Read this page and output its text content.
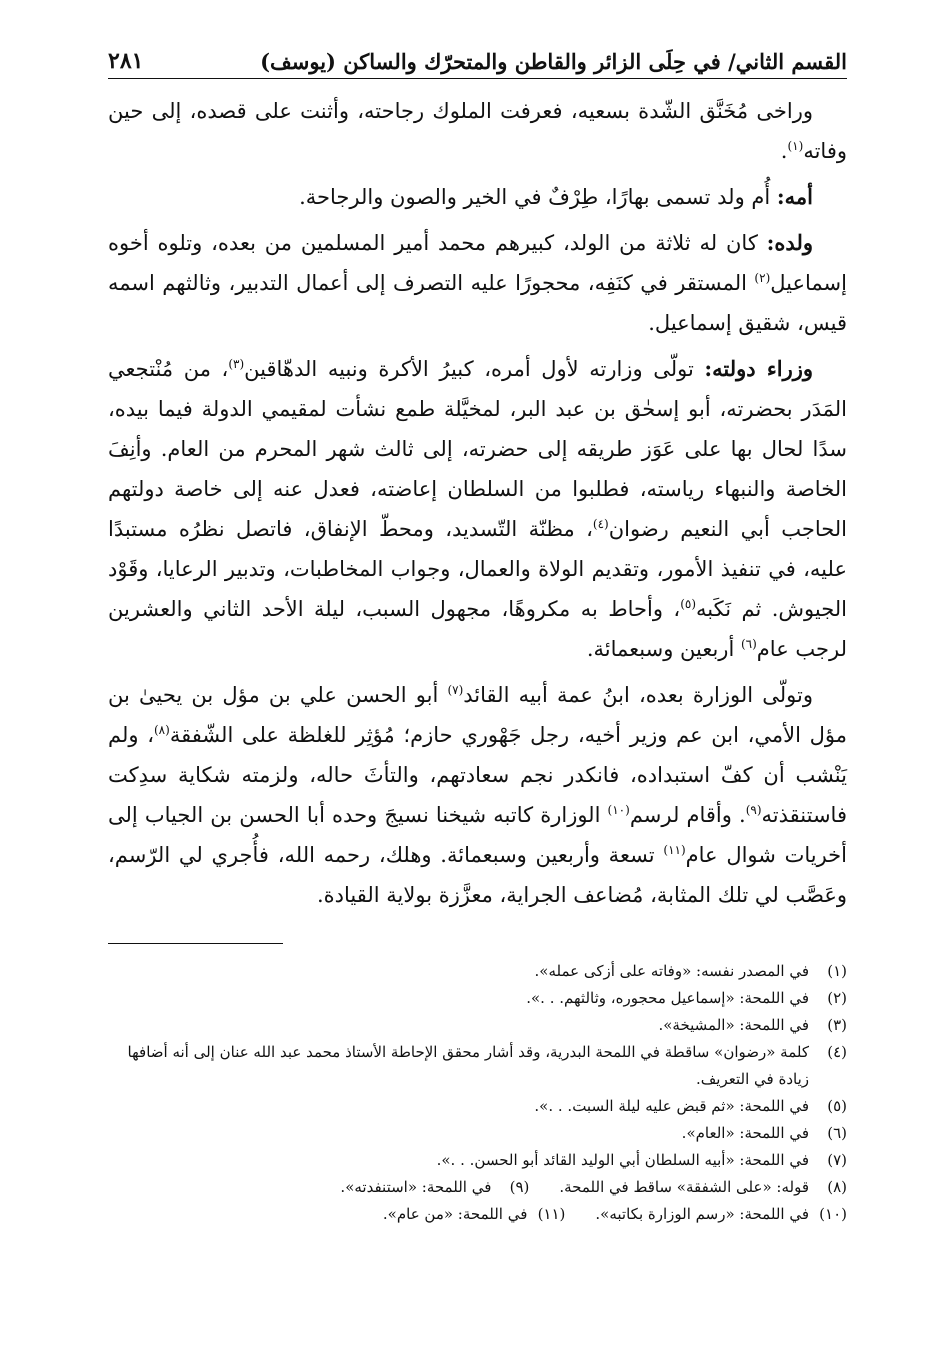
القسم الثاني/ في حِلَى الزائر والقاطن والمتحرّك والساكن (يوسف)
٢٨١

وراخى مُخَنَّق الشّدة بسعيه، فعرفت الملوك رجاحته، وأثنت على قصده، إلى حين وفاته$^{(١)}$.

أمه: أُم ولد تسمى بهارًا، طِرْفٌ في الخير والصون والرجاحة.

ولده: كان له ثلاثة من الولد، كبيرهم محمد أمير المسلمين من بعده، وتلوه أخوه إسماعيل$^{(٢)}$ المستقر في كنَفِه، محجورًا عليه التصرف إلى أعمال التدبير، وثالثهم اسمه قيس، شقيق إسماعيل.

وزراء دولته: تولّى وزارته لأول أمره، كبيرُ الأكرة ونبيه الدهّاقين$^{(٣)}$، من مُنْتجعي المَدَر بحضرته، أبو إسحٰق بن عبد البر، لمخيَّلة طمع نشأت لمقيمي الدولة فيما بيده، سدًا لحال بها على عَوَز طريقه إلى حضرته، إلى ثالث شهر المحرم من العام. وأنِفَ الخاصة والنبهاء رياسته، فطلبوا من السلطان إعاضته، فعدل عنه إلى خاصة دولتهم الحاجب أبي النعيم رضوان$^{(٤)}$، مظنّة التّسديد، ومحطّ الإنفاق، فاتصل نظرُه مستبدًا عليه، في تنفيذ الأمور، وتقديم الولاة والعمال، وجواب المخاطبات، وتدبير الرعايا، وقَوْد الجيوش. ثم نَكَبه$^{(٥)}$، وأحاط به مكروهًا، مجهول السبب، ليلة الأحد الثاني والعشرين لرجب عام$^{(٦)}$ أربعين وسبعمائة.

وتولّى الوزارة بعده، ابنُ عمة أبيه القائد$^{(٧)}$ أبو الحسن علي بن مؤل بن يحيىٰ بن مؤل الأمي، ابن عم وزير أخيه، رجل جَهْوري حازم؛ مُؤثِر للغلظة على الشّفقة$^{(٨)}$، ولم يَنْشب أن كفّ استبداده، فانكدر نجم سعادتهم، والتأثَ حاله، ولزمته شكاية سدِكت فاستنقذته$^{(٩)}$. وأقام لرسم$^{(١٠)}$ الوزارة كاتبه شيخنا نسيجَ وحده أبا الحسن بن الجياب إلى أخريات شوال عام$^{(١١)}$ تسعة وأربعين وسبعمائة. وهلك، رحمه الله، فأُجري لي الرّسم، وعَصَّب لي تلك المثابة، مُضاعف الجراية، معزَّزة بولاية القيادة.

(١)
في المصدر نفسه: «وفاته على أزكى عمله».
(٢)
في اللمحة: «إسماعيل محجوره، وثالثهم. . .».
(٣)
في اللمحة: «المشيخة».
(٤)
كلمة «رضوان» ساقطة في اللمحة البدرية، وقد أشار محقق الإحاطة الأستاذ محمد عبد الله عنان إلى أنه أضافها زيادة في التعريف.
(٥)
في اللمحة: «ثم قبض عليه ليلة السبت. . .».
(٦)
في اللمحة: «العام».
(٧)
في اللمحة: «أبيه السلطان أبي الوليد القائد أبو الحسن. . .».
(٨)
قوله: «على الشفقة» ساقط في اللمحة.
(٩)
في اللمحة: «استنفدته».
(١٠)
في اللمحة: «رسم الوزارة بكاتبه».
(١١)
في اللمحة: «من عام».
